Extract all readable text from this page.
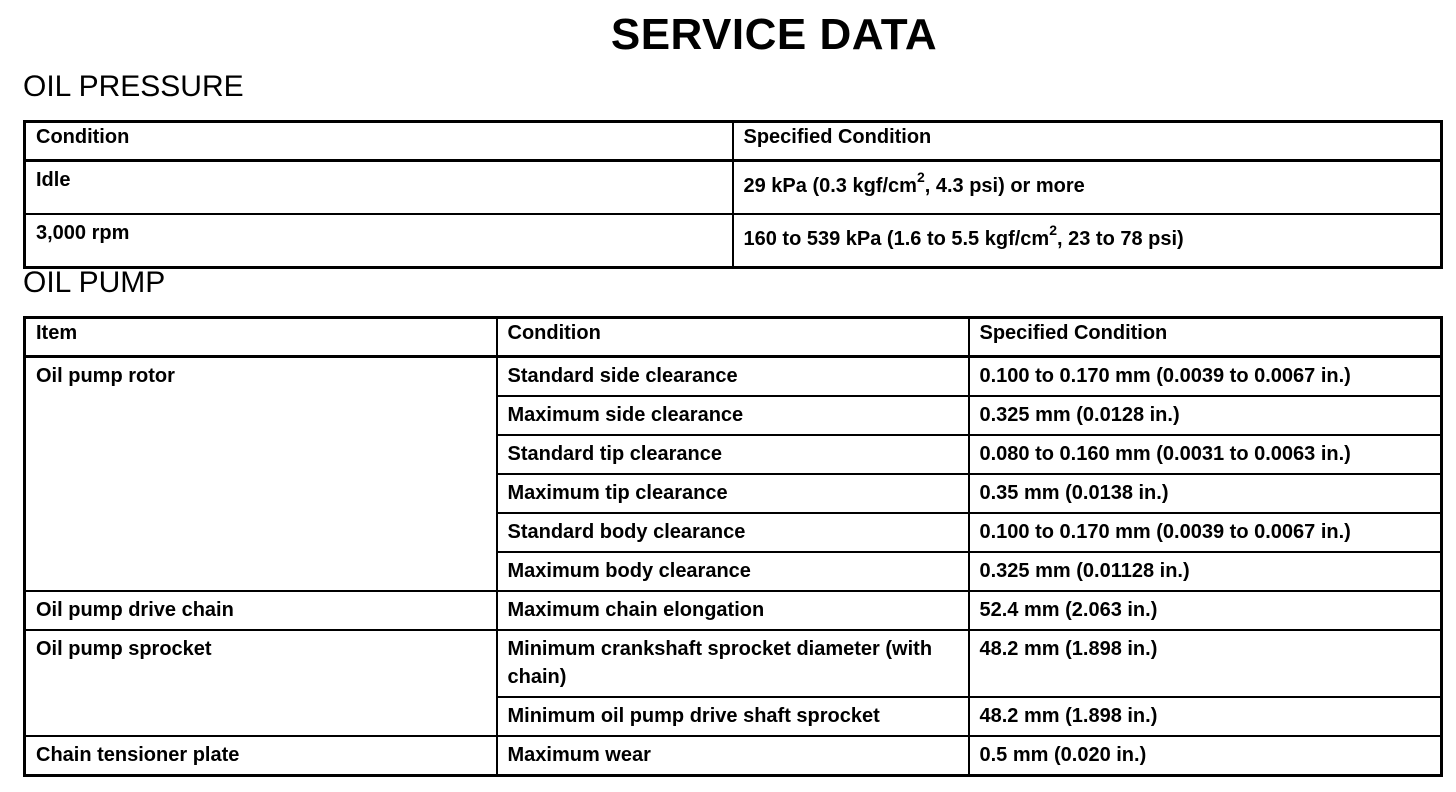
SERVICE DATA
OIL PRESSURE
Condition	Specified Condition
Idle	29 kPa (0.3 kgf/$cm^2$, 4.3 psi) or more
3,000 rpm	160 to 539 kPa (1.6 to 5.5 kgf/$cm^2$, 23 to 78 psi)
OIL PUMP
Item	Condition	Specified Condition
Oil pump rotor	Standard side clearance	0.100 to 0.170 mm (0.0039 to 0.0067 in.)
	Maximum side clearance	0.325 mm (0.0128 in.)
	Standard tip clearance	0.080 to 0.160 mm (0.0031 to 0.0063 in.)
	Maximum tip clearance	0.35 mm (0.0138 in.)
	Standard body clearance	0.100 to 0.170 mm (0.0039 to 0.0067 in.)
	Maximum body clearance	0.325 mm (0.01128 in.)
Oil pump drive chain	Maximum chain elongation	52.4 mm (2.063 in.)
Oil pump sprocket	Minimum crankshaft sprocket diameter (with chain)	48.2 mm (1.898 in.)
	Minimum oil pump drive shaft sprocket	48.2 mm (1.898 in.)
Chain tensioner plate	Maximum wear	0.5 mm (0.020 in.)
